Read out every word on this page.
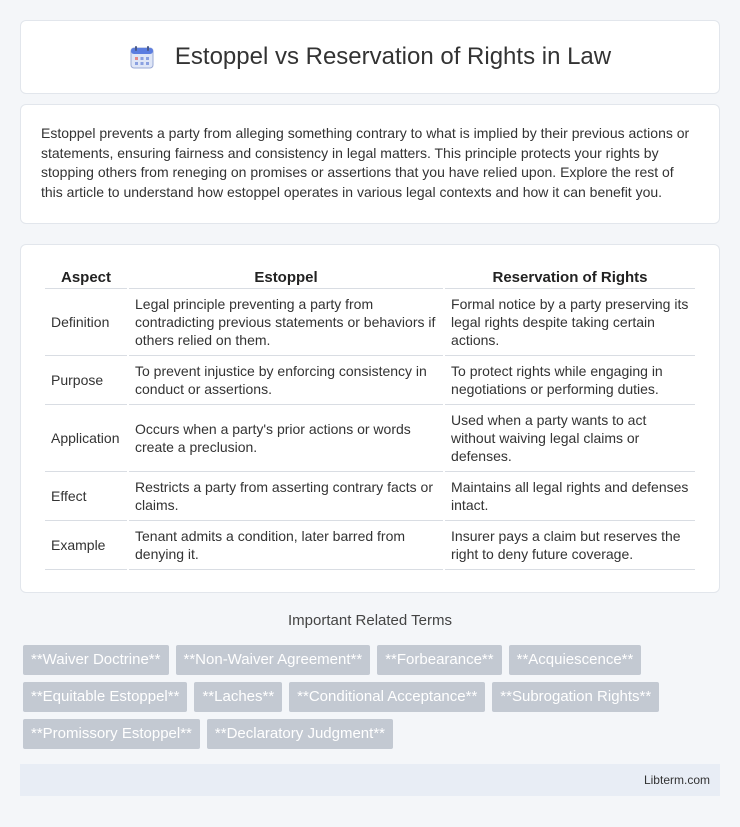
Estoppel vs Reservation of Rights in Law

Estoppel prevents a party from alleging something contrary to what is implied by their previous actions or statements, ensuring fairness and consistency in legal matters. This principle protects your rights by stopping others from reneging on promises or assertions that you have relied upon. Explore the rest of this article to understand how estoppel operates in various legal contexts and how it can benefit you.

Aspect	Estoppel	Reservation of Rights
Definition	Legal principle preventing a party from contradicting previous statements or behaviors if others relied on them.	Formal notice by a party preserving its legal rights despite taking certain actions.
Purpose	To prevent injustice by enforcing consistency in conduct or assertions.	To protect rights while engaging in negotiations or performing duties.
Application	Occurs when a party's prior actions or words create a preclusion.	Used when a party wants to act without waiving legal claims or defenses.
Effect	Restricts a party from asserting contrary facts or claims.	Maintains all legal rights and defenses intact.
Example	Tenant admits a condition, later barred from denying it.	Insurer pays a claim but reserves the right to deny future coverage.
Important Related Terms
**Waiver Doctrine**	**Non-Waiver Agreement**	**Forbearance**	**Acquiescence**
**Equitable Estoppel**	**Laches**	**Conditional Acceptance**	**Subrogation Rights**
**Promissory Estoppel**	**Declaratory Judgment**
Libterm.com
